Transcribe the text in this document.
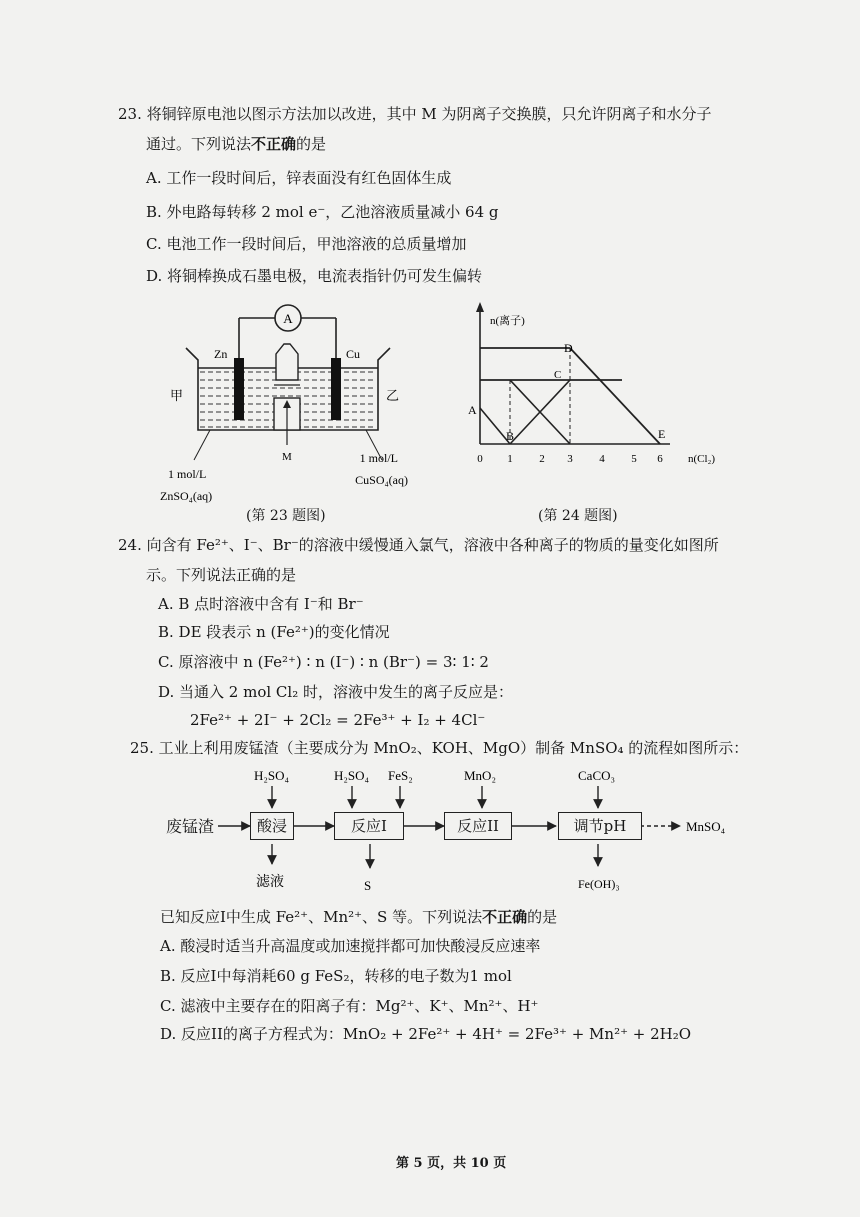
23. 将铜锌原电池以图示方法加以改进，其中 M 为阴离子交换膜，只允许阴离子和水分子
通过。下列说法不正确的是
A. 工作一段时间后，锌表面没有红色固体生成
B. 外电路每转移 2 mol e⁻，乙池溶液质量减小 64 g
C. 电池工作一段时间后，甲池溶液的总质量增加
D. 将铜棒换成石墨电极，电流表指针仍可发生偏转
A
Zn	Cu
甲	乙
M
1 mol/L
ZnSO₄(aq)
1 mol/L
CuSO₄(aq)
(第 23 题图)
n(离子)
n(Cl₂)
0 1 2 3 4 5 6
A
B
C
D
E
(第 24 题图)
24. 向含有 Fe²⁺、I⁻、Br⁻的溶液中缓慢通入氯气，溶液中各种离子的物质的量变化如图所
示。下列说法正确的是
A. B 点时溶液中含有 I⁻和 Br⁻
B. DE 段表示 n (Fe²⁺)的变化情况
C. 原溶液中 n (Fe²⁺) ∶ n (I⁻) ∶ n (Br⁻) = 3∶ 1∶ 2
D. 当通入 2 mol Cl₂ 时，溶液中发生的离子反应是：
2Fe²⁺ + 2I⁻ + 2Cl₂ = 2Fe³⁺ + I₂ + 4Cl⁻
25. 工业上利用废锰渣（主要成分为 MnO₂、KOH、MgO）制备 MnSO₄ 的流程如图所示：
H₂SO₄	H₂SO₄ FeS₂	MnO₂	CaCO₃
滤液	S	Fe(OH)₃
MnSO₄
废锰渣	酸浸	反应I	反应II	调节pH
已知反应I中生成 Fe²⁺、Mn²⁺、S 等。下列说法不正确的是
A. 酸浸时适当升高温度或加速搅拌都可加快酸浸反应速率
B. 反应I中每消耗60 g FeS₂，转移的电子数为1 mol
C. 滤液中主要存在的阳离子有：Mg²⁺、K⁺、Mn²⁺、H⁺
D. 反应II的离子方程式为：MnO₂ + 2Fe²⁺ + 4H⁺ = 2Fe³⁺ + Mn²⁺ + 2H₂O
第 5 页，共 10 页
